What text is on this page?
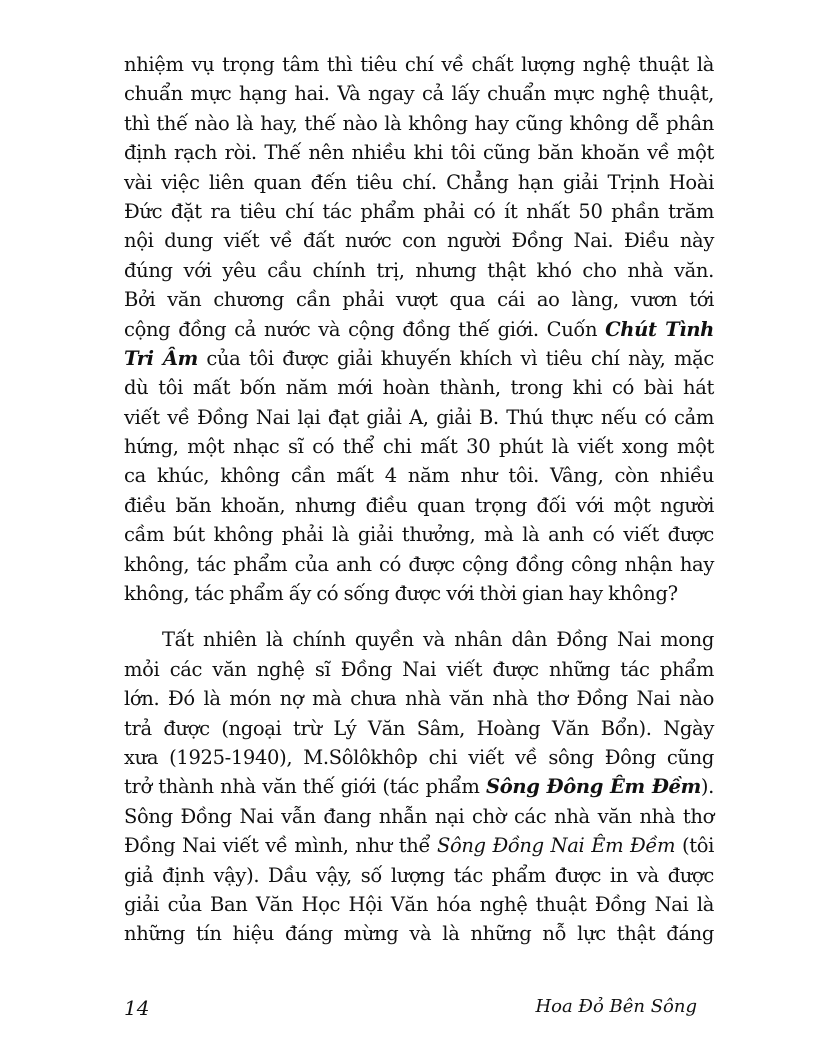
nhiệm vụ trọng tâm thì tiêu chí về chất lượng nghệ thuật là
chuẩn mực hạng hai. Và ngay cả lấy chuẩn mực nghệ thuật,
thì thế nào là hay, thế nào là không hay cũng không dễ phân
định rạch ròi. Thế nên nhiều khi tôi cũng băn khoăn về một
vài việc liên quan đến tiêu chí. Chẳng hạn giải Trịnh Hoài
Đức đặt ra tiêu chí tác phẩm phải có ít nhất 50 phần trăm
nội dung viết về đất nước con người Đồng Nai. Điều này
đúng với yêu cầu chính trị, nhưng thật khó cho nhà văn.
Bởi văn chương cần phải vượt qua cái ao làng, vươn tới
cộng đồng cả nước và cộng đồng thế giới. Cuốn Chút Tình
Tri Âm của tôi được giải khuyến khích vì tiêu chí này, mặc
dù tôi mất bốn năm mới hoàn thành, trong khi có bài hát
viết về Đồng Nai lại đạt giải A, giải B. Thú thực nếu có cảm
hứng, một nhạc sĩ có thể chi mất 30 phút là viết xong một
ca khúc, không cần mất 4 năm như tôi. Vâng, còn nhiều
điều băn khoăn, nhưng điều quan trọng đối với một người
cầm bút không phải là giải thưởng, mà là anh có viết được
không, tác phẩm của anh có được cộng đồng công nhận hay
không, tác phẩm ấy có sống được với thời gian hay không?
Tất nhiên là chính quyền và nhân dân Đồng Nai mong
mỏi các văn nghệ sĩ Đồng Nai viết được những tác phẩm
lớn. Đó là món nợ mà chưa nhà văn nhà thơ Đồng Nai nào
trả được (ngoại trừ Lý Văn Sâm, Hoàng Văn Bổn). Ngày
xưa (1925-1940), M.Sôlôkhôp chi viết về sông Đông cũng
trở thành nhà văn thế giới (tác phẩm Sông Đông Êm Đềm).
Sông Đồng Nai vẫn đang nhẫn nại chờ các nhà văn nhà thơ
Đồng Nai viết về mình, như thể Sông Đồng Nai Êm Đềm (tôi
giả định vậy). Dầu vậy, số lượng tác phẩm được in và được
giải của Ban Văn Học Hội Văn hóa nghệ thuật Đồng Nai là
những tín hiệu đáng mừng và là những nỗ lực thật đáng
14	Hoa Đỏ Bên Sông
